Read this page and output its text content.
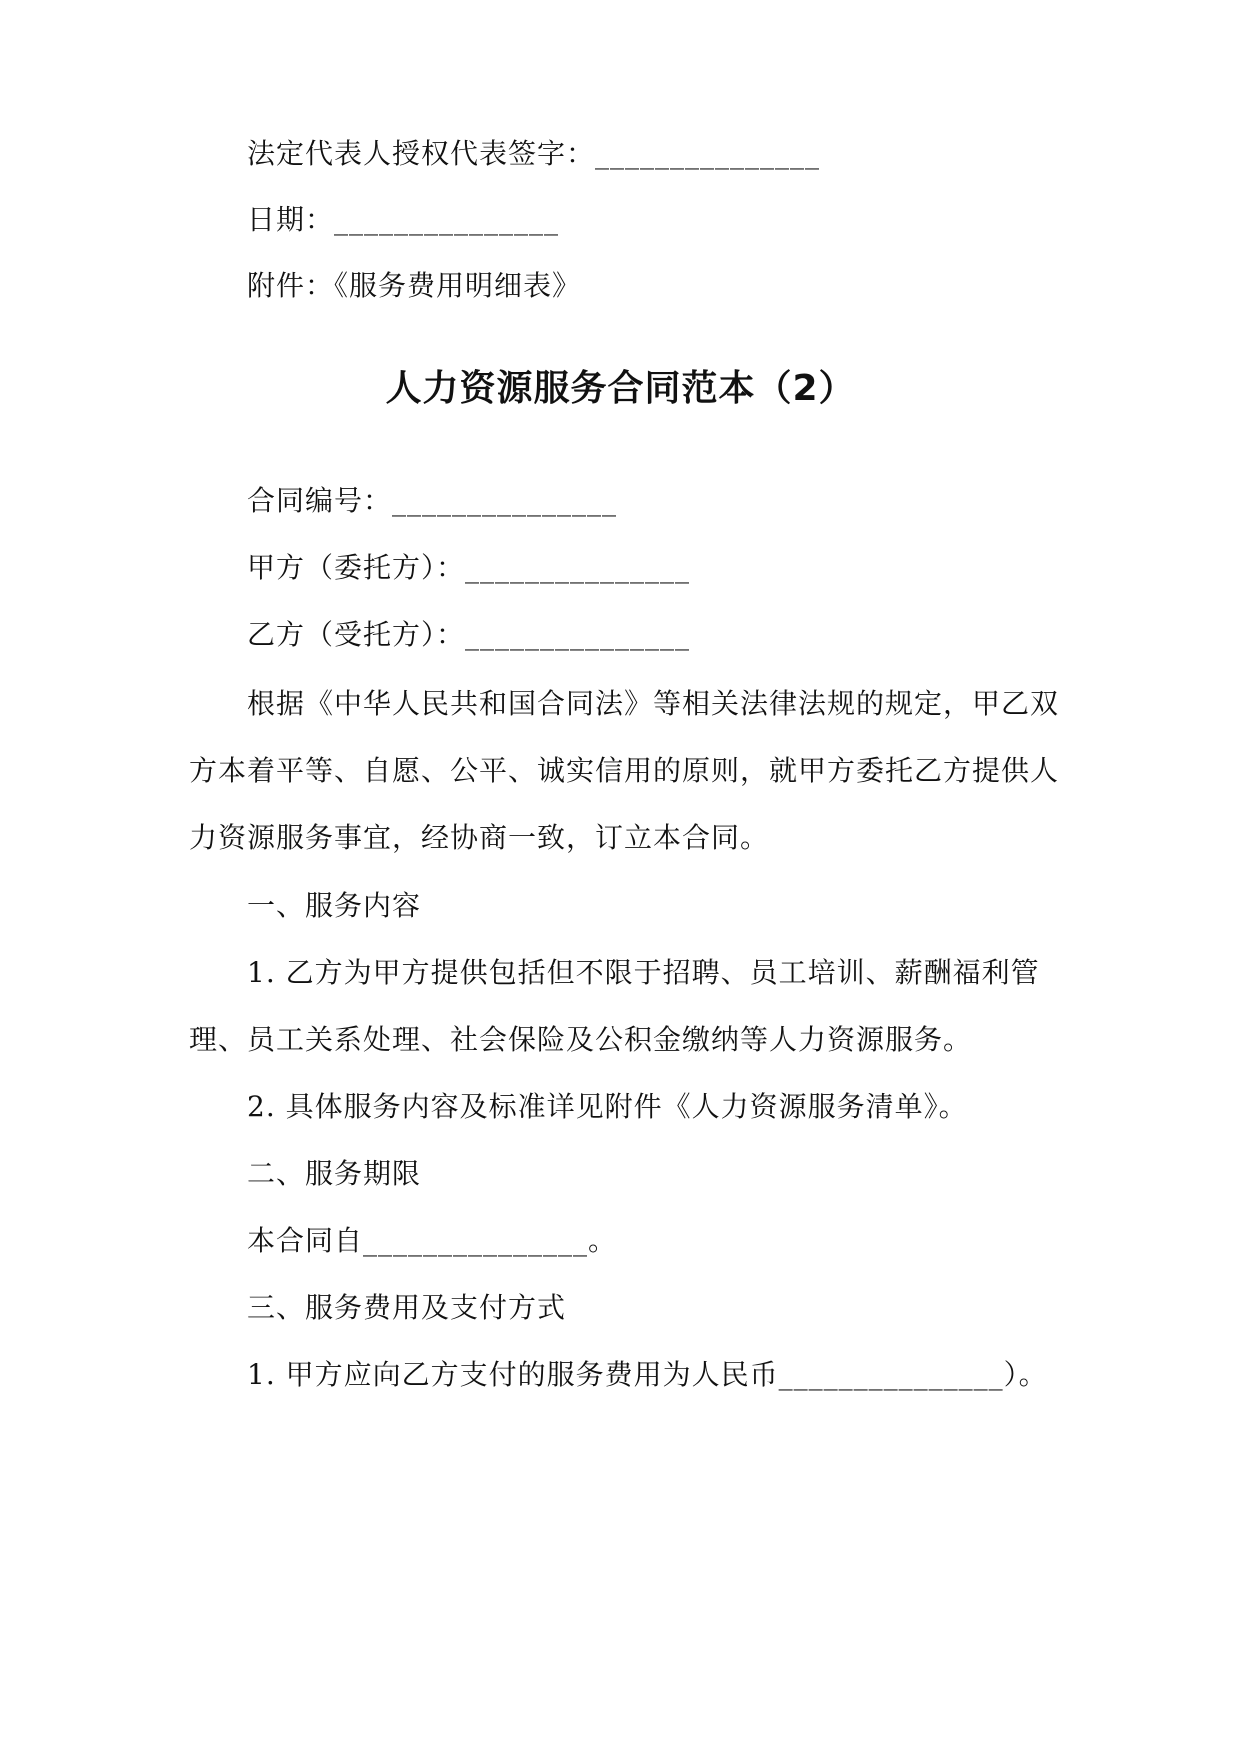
法定代表人授权代表签字：_______________
日期：_______________
附件：《服务费用明细表》
人力资源服务合同范本（2）
合同编号：_______________
甲方（委托方）：_______________
乙方（受托方）：_______________
根据《中华人民共和国合同法》等相关法律法规的规定，甲乙双
方本着平等、自愿、公平、诚实信用的原则，就甲方委托乙方提供人
力资源服务事宜，经协商一致，订立本合同。
一、服务内容
1. 乙方为甲方提供包括但不限于招聘、员工培训、薪酬福利管
理、员工关系处理、社会保险及公积金缴纳等人力资源服务。
2. 具体服务内容及标准详见附件《人力资源服务清单》。
二、服务期限
本合同自_______________。
三、服务费用及支付方式
1. 甲方应向乙方支付的服务费用为人民币_______________）。
